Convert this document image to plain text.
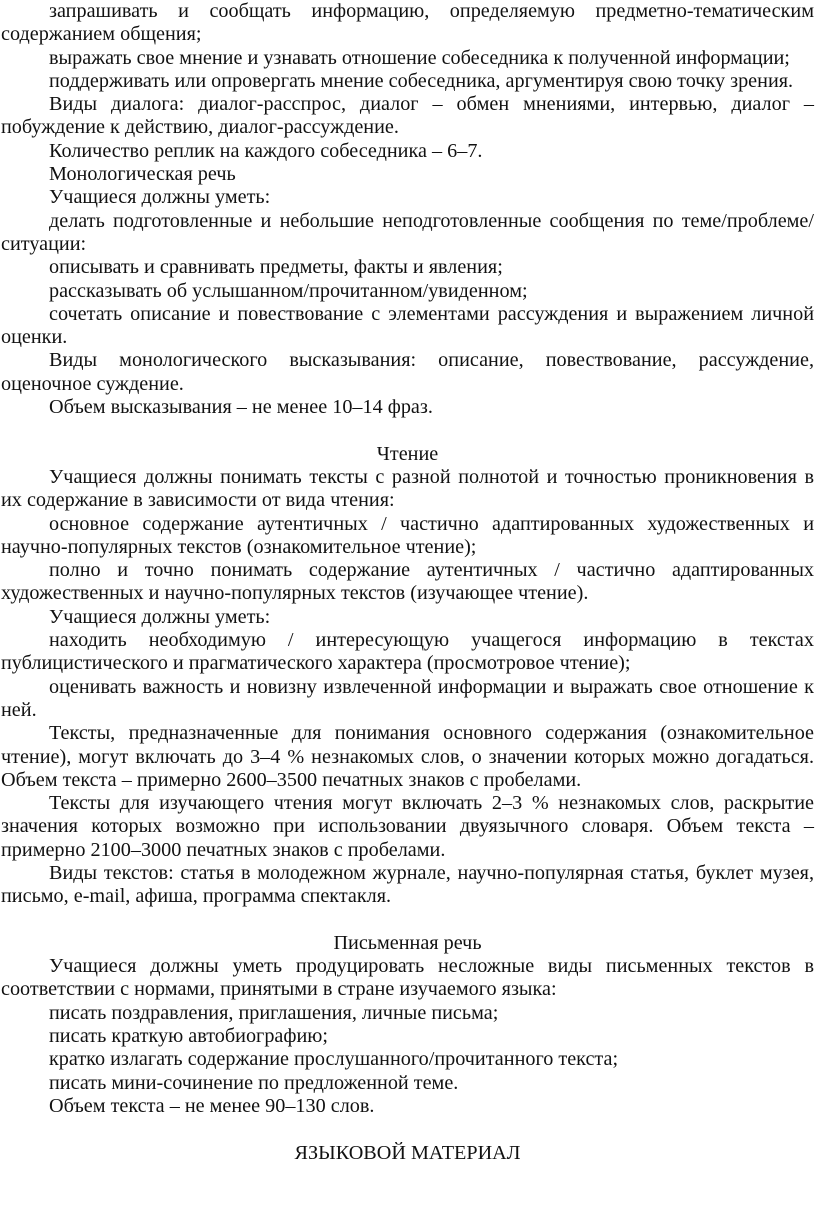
запрашивать и сообщать информацию, определяемую предметно-тематическим содержанием общения;

выражать свое мнение и узнавать отношение собеседника к полученной информации;

поддерживать или опровергать мнение собеседника, аргументируя свою точку зрения.

Виды диалога: диалог-расспрос, диалог – обмен мнениями, интервью, диалог – побуждение к действию, диалог-рассуждение.

Количество реплик на каждого собеседника – 6–7.

Монологическая речь

Учащиеся должны уметь:

делать подготовленные и небольшие неподготовленные сообщения по теме/проблеме/ситуации:

описывать и сравнивать предметы, факты и явления;

рассказывать об услышанном/прочитанном/увиденном;

сочетать описание и повествование с элементами рассуждения и выражением личной оценки.

Виды монологического высказывания: описание, повествование, рассуждение, оценочное суждение.

Объем высказывания – не менее 10–14 фраз.

Чтение

Учащиеся должны понимать тексты с разной полнотой и точностью проникновения в их содержание в зависимости от вида чтения:

основное содержание аутентичных / частично адаптированных художественных и научно-популярных текстов (ознакомительное чтение);

полно и точно понимать содержание аутентичных / частично адаптированных художественных и научно-популярных текстов (изучающее чтение).

Учащиеся должны уметь:

находить необходимую / интересующую учащегося информацию в текстах публицистического и прагматического характера (просмотровое чтение);

оценивать важность и новизну извлеченной информации и выражать свое отношение к ней.

Тексты, предназначенные для понимания основного содержания (ознакомительное чтение), могут включать до 3–4 % незнакомых слов, о значении которых можно догадаться. Объем текста – примерно 2600–3500 печатных знаков с пробелами.

Тексты для изучающего чтения могут включать 2–3 % незнакомых слов, раскрытие значения которых возможно при использовании двуязычного словаря. Объем текста – примерно 2100–3000 печатных знаков с пробелами.

Виды текстов: статья в молодежном журнале, научно-популярная статья, буклет музея, письмо, e-mail, афиша, программа спектакля.

Письменная речь

Учащиеся должны уметь продуцировать несложные виды письменных текстов в соответствии с нормами, принятыми в стране изучаемого языка:

писать поздравления, приглашения, личные письма;

писать краткую автобиографию;

кратко излагать содержание прослушанного/прочитанного текста;

писать мини-сочинение по предложенной теме.

Объем текста – не менее 90–130 слов.

ЯЗЫКОВОЙ МАТЕРИАЛ
